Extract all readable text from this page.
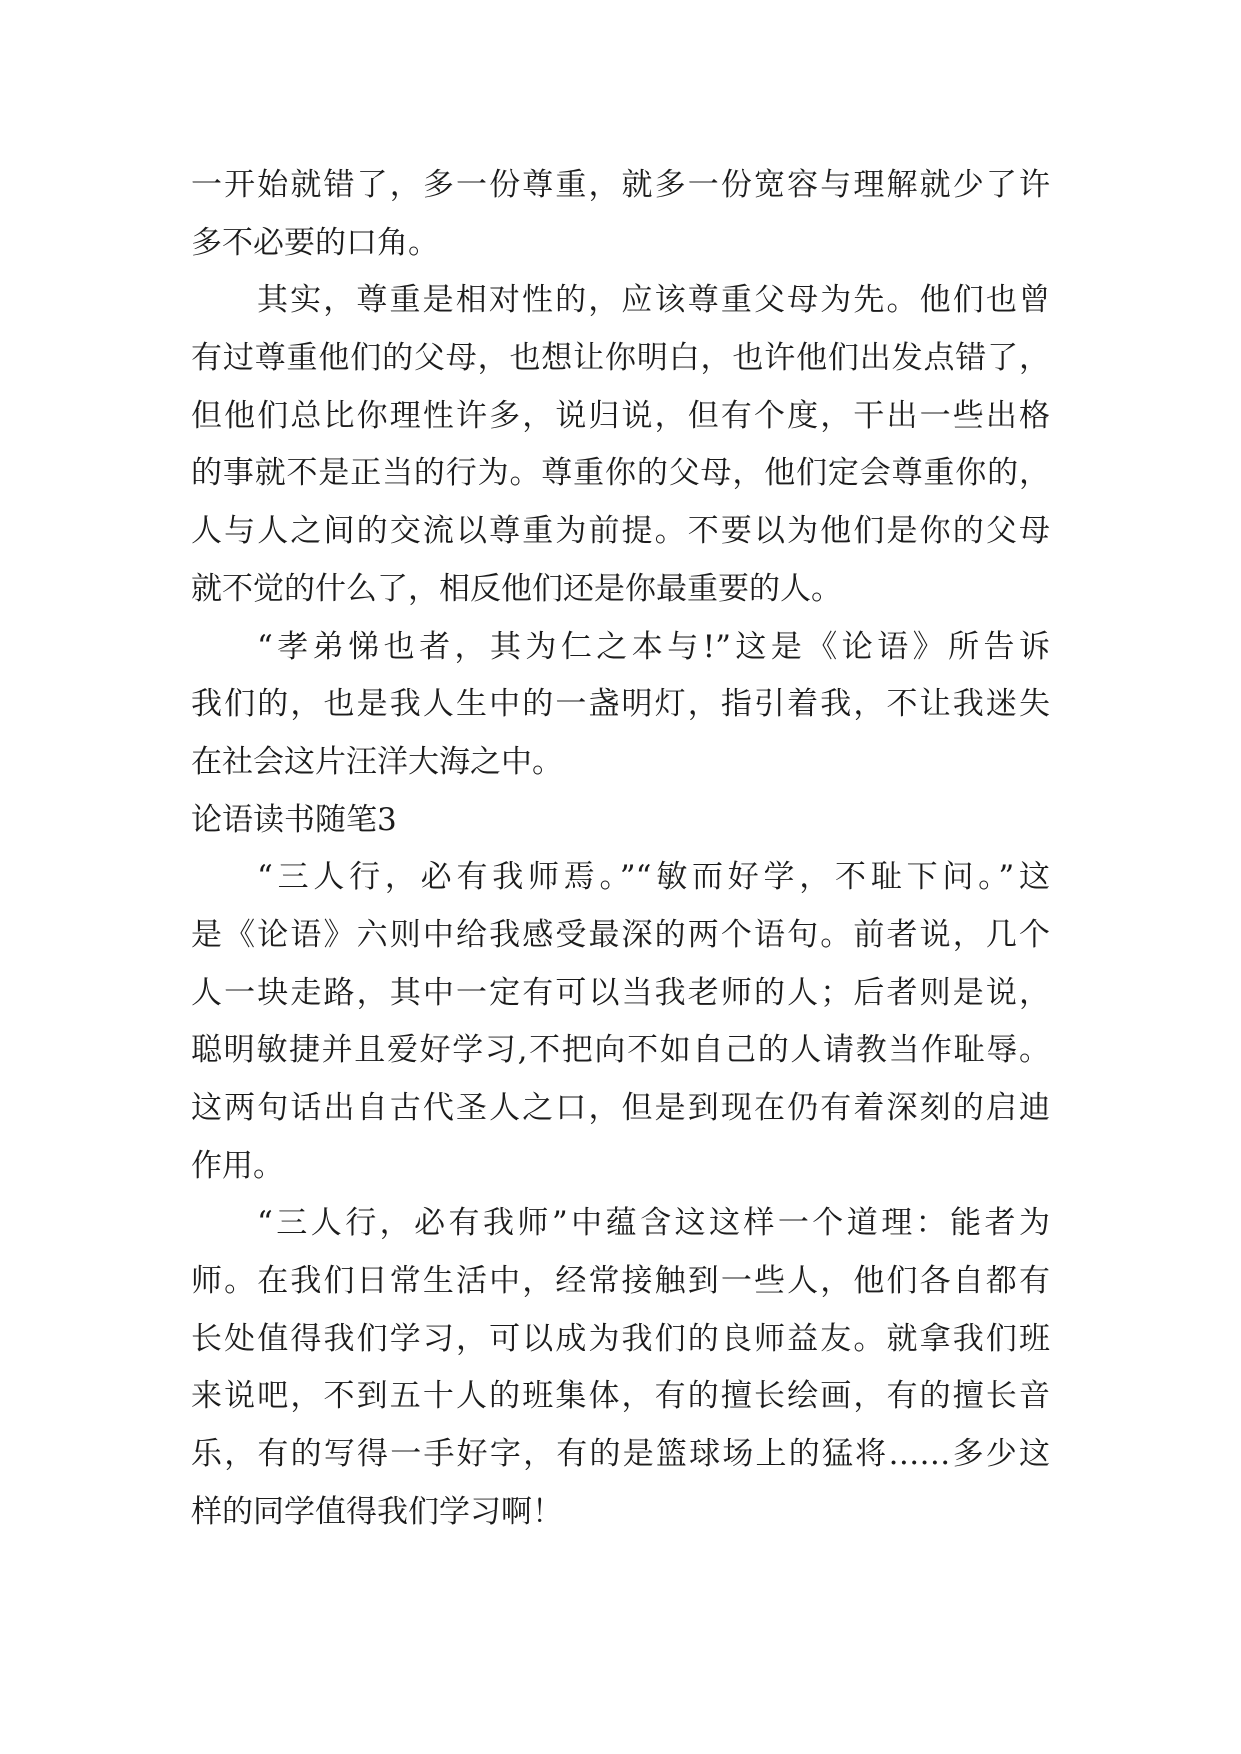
一开始就错了，多一份尊重，就多一份宽容与理解就少了许
多不必要的口角。
其实，尊重是相对性的，应该尊重父母为先。他们也曾
有过尊重他们的父母，也想让你明白，也许他们出发点错了，
但他们总比你理性许多，说归说，但有个度，干出一些出格
的事就不是正当的行为。尊重你的父母，他们定会尊重你的，
人与人之间的交流以尊重为前提。不要以为他们是你的父母
就不觉的什么了，相反他们还是你最重要的人。
“孝弟悌也者，其为仁之本与!”这是《论语》所告诉
我们的，也是我人生中的一盏明灯，指引着我，不让我迷失
在社会这片汪洋大海之中。
论语读书随笔3
“三人行，必有我师焉。”“敏而好学，不耻下问。”这
是《论语》六则中给我感受最深的两个语句。前者说，几个
人一块走路，其中一定有可以当我老师的人；后者则是说，
聪明敏捷并且爱好学习,不把向不如自己的人请教当作耻辱。
这两句话出自古代圣人之口，但是到现在仍有着深刻的启迪
作用。
“三人行，必有我师”中蕴含这这样一个道理：能者为
师。在我们日常生活中，经常接触到一些人，他们各自都有
长处值得我们学习，可以成为我们的良师益友。就拿我们班
来说吧，不到五十人的班集体，有的擅长绘画，有的擅长音
乐，有的写得一手好字，有的是篮球场上的猛将……多少这
样的同学值得我们学习啊！
